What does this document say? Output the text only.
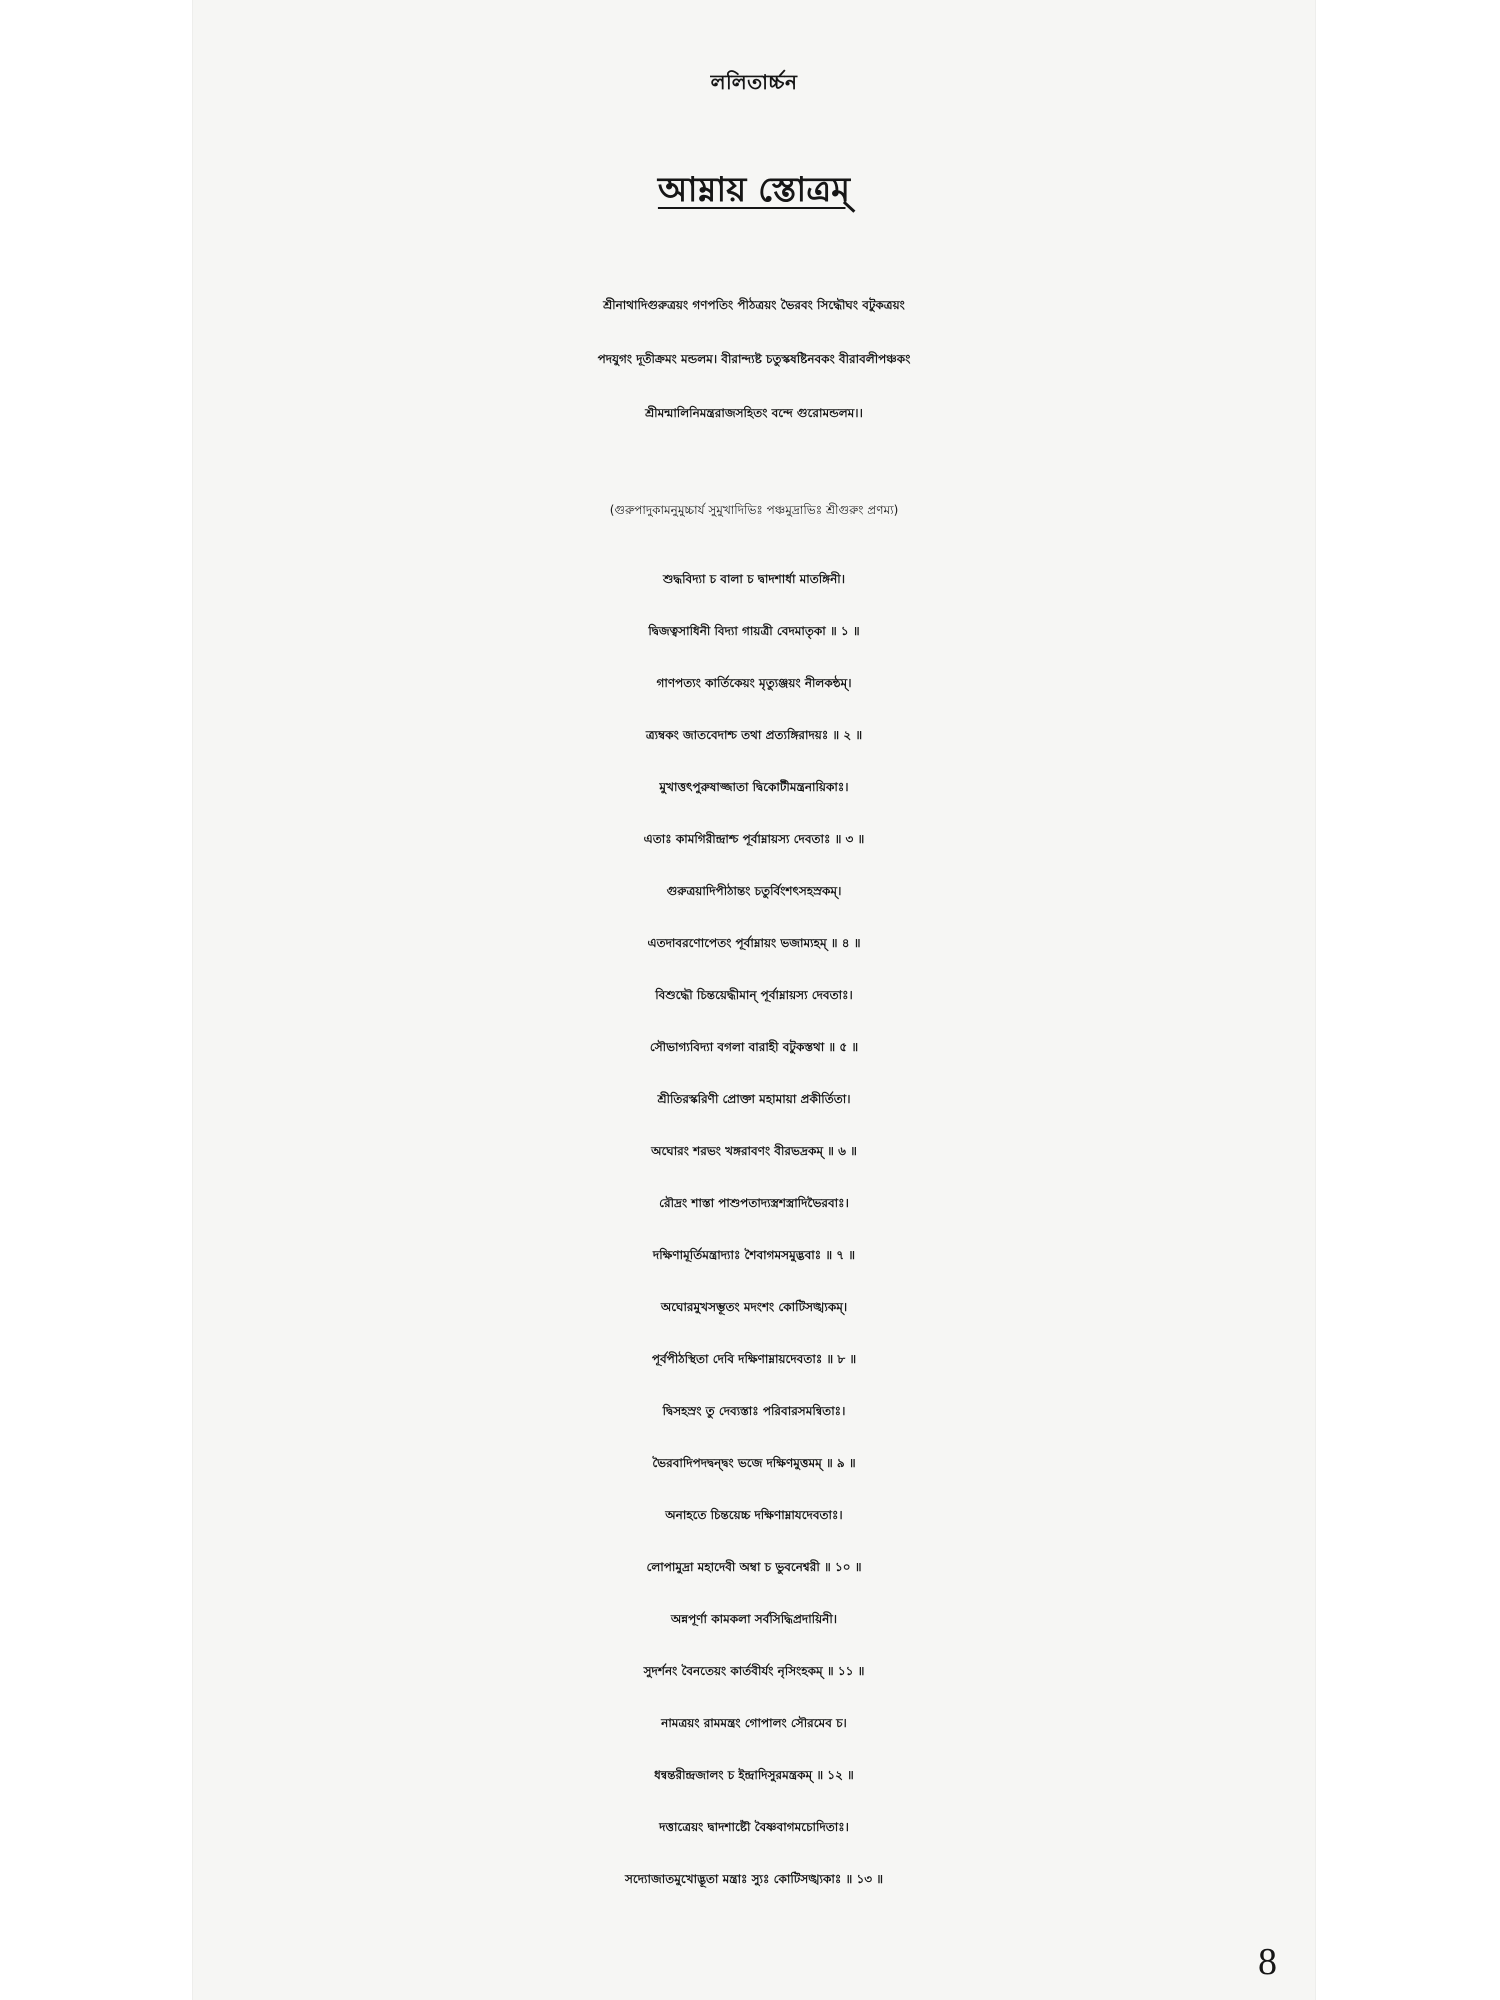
ললিতার্চ্চন
আম্নায় স্তোত্রম্
শ্রীনাথাদিগুরুত্রয়ং গণপতিং পীঠত্রয়ং ভৈরবং সিদ্ধৌঘং বটুকত্রয়ং
পদযুগং দূতীক্রমং মন্ডলম। বীরান্দ্যষ্ট চতুস্কষষ্টিনবকং বীরাবলীপঞ্চকং
শ্রীমন্মালিনিমন্ত্ররাজসহিতং বন্দে গুরোমন্ডলম।।
(গুরুপাদুকামনুমুচ্চার্য সুমুখাদিভিঃ পঞ্চমুদ্রাভিঃ শ্রীগুরুং প্রণম্য)
শুদ্ধবিদ্যা চ বালা চ দ্বাদশার্ধা মাতঙ্গিনী।
দ্বিজত্বসাধিনী বিদ্যা গায়ত্রী বেদমাতৃকা ॥ ১ ॥
গাণপত্যং কার্তিকেয়ং মৃত্যুঞ্জয়ং নীলকন্ঠম্।
ত্র্যম্বকং জাতবেদাশ্চ তথা প্রত্যঙ্গিরাদয়ঃ ॥ ২ ॥
মুখাত্তৎপুরুষাজ্জাতা দ্বিকোটীমন্ত্রনায়িকাঃ।
এতাঃ কামগিরীন্দ্রাশ্চ পূর্বাম্নায়স্য দেবতাঃ ॥ ৩ ॥
গুরুত্রয়াদিপীঠান্তং চতুর্বিংশৎসহস্রকম্।
এতদাবরণোপেতং পূর্বাম্নায়ং ভজাম্যহম্ ॥ ৪ ॥
বিশুদ্ধৌ চিন্তয়েদ্ধীমান্ পূর্বাম্নায়স্য দেবতাঃ।
সৌভাগ্যবিদ্যা বগলা বারাহী বটুকস্তথা ॥ ৫ ॥
শ্রীতিরস্করিণী প্রোক্তা মহামায়া প্রকীর্তিতা।
অঘোরং শরভং খঙ্গরাবণং বীরভদ্রকম্ ॥ ৬ ॥
রৌদ্রং শাস্তা পাশুপতাদ্যস্ত্রশস্ত্রাদিভৈরবাঃ।
দক্ষিণামূর্তিমন্ত্রাদ্যাঃ শৈবাগমসমুদ্ভবাঃ ॥ ৭ ॥
অঘোরমুখসম্ভূতং মদংশং কোটিসঙ্খ্যকম্।
পূর্বপীঠস্থিতা দেবি দক্ষিণাম্নায়দেবতাঃ ॥ ৮ ॥
দ্বিসহস্রং তু দেব্যস্তাঃ পরিবারসমন্বিতাঃ।
ভৈরবাদিপদদ্বন্দ্বং ভজে দক্ষিণমুত্তমম্ ॥ ৯ ॥
অনাহতে চিন্তয়েচ্চ দক্ষিণাম্নাযদেবতাঃ।
লোপামুদ্রা মহাদেবী অম্বা চ ভুবনেশ্বরী ॥ ১০ ॥
অন্নপূর্ণা কামকলা সর্বসিদ্ধিপ্রদায়িনী।
সুদর্শনং বৈনতেয়ং কার্তবীর্যং নৃসিংহকম্ ॥ ১১ ॥
নামত্রয়ং রামমন্ত্রং গোপালং সৌরমেব চ।
ধন্বন্তরীন্দ্রজালং চ ইন্দ্রাদিসুরমন্ত্রকম্ ॥ ১২ ॥
দত্তাত্রেয়ং দ্বাদশাষ্টৌ বৈষ্ণবাগমচোদিতাঃ।
সদ্যোজাতমুখোদ্ভূতা মন্ত্রাঃ স্যুঃ কোটিসঙ্খ্যকাঃ ॥ ১৩ ॥
8
